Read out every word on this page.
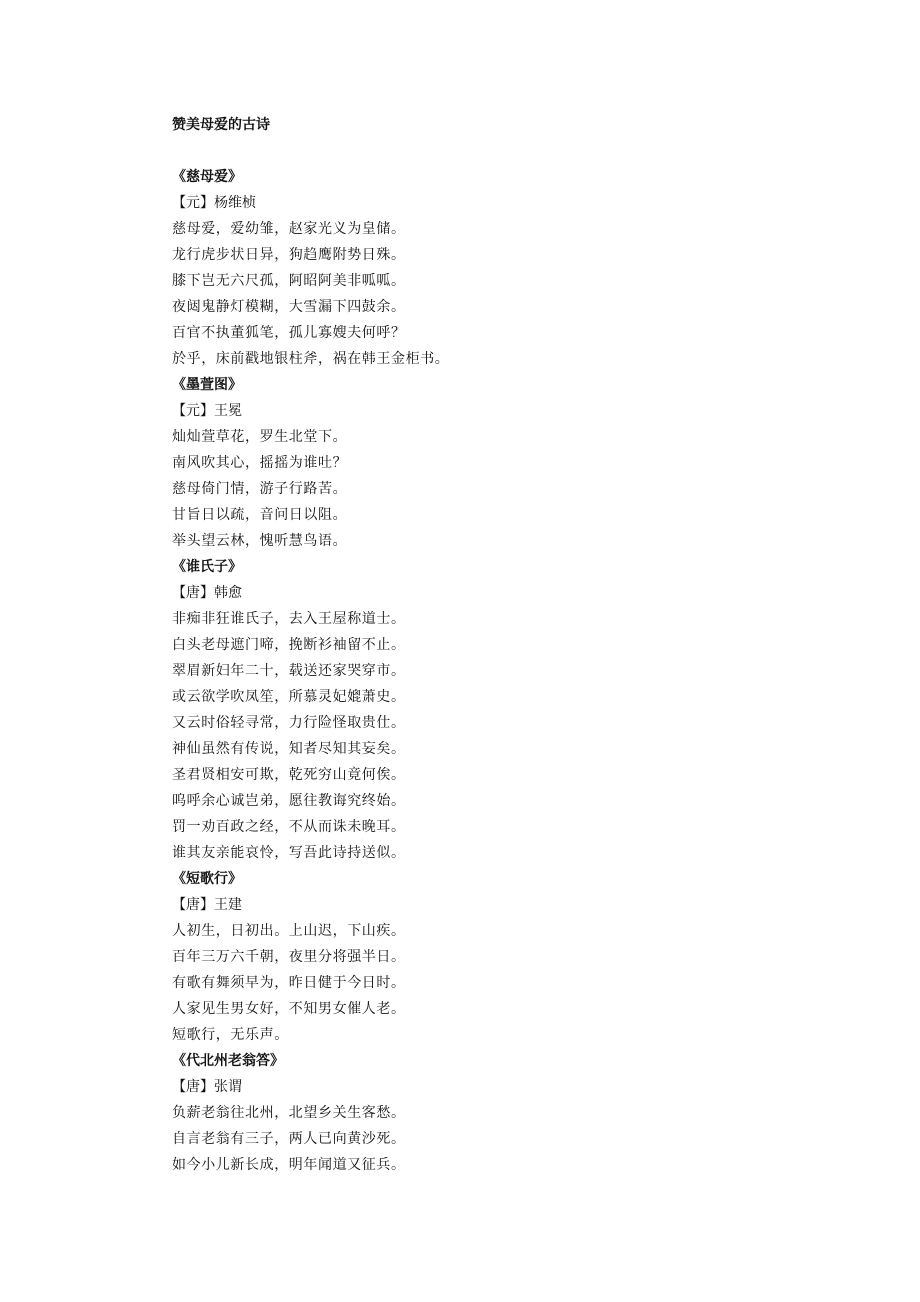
赞美母爱的古诗
《慈母爱》
【元】杨维桢
慈母爱，爱幼雏，赵家光义为皇储。
龙行虎步状日异，狗趋鹰附势日殊。
膝下岂无六尺孤，阿昭阿美非呱呱。
夜闼鬼静灯模糊，大雪漏下四鼓余。
百官不执董狐笔，孤儿寡嫂夫何呼？
於乎，床前戳地银柱斧，祸在韩王金柜书。
《墨萱图》
【元】王冕
灿灿萱草花，罗生北堂下。
南风吹其心，摇摇为谁吐？
慈母倚门情，游子行路苦。
甘旨日以疏，音问日以阻。
举头望云林，愧听慧鸟语。
《谁氏子》
【唐】韩愈
非痴非狂谁氏子，去入王屋称道士。
白头老母遮门啼，挽断衫袖留不止。
翠眉新妇年二十，载送还家哭穿市。
或云欲学吹凤笙，所慕灵妃媲萧史。
又云时俗轻寻常，力行险怪取贵仕。
神仙虽然有传说，知者尽知其妄矣。
圣君贤相安可欺，乾死穷山竟何俟。
呜呼余心诚岂弟，愿往教诲究终始。
罚一劝百政之经，不从而诛未晚耳。
谁其友亲能哀怜，写吾此诗持送似。
《短歌行》
【唐】王建
人初生，日初出。上山迟，下山疾。
百年三万六千朝，夜里分将强半日。
有歌有舞须早为，昨日健于今日时。
人家见生男女好，不知男女催人老。
短歌行，无乐声。
《代北州老翁答》
【唐】张谓
负薪老翁往北州，北望乡关生客愁。
自言老翁有三子，两人已向黄沙死。
如今小儿新长成，明年闻道又征兵。
